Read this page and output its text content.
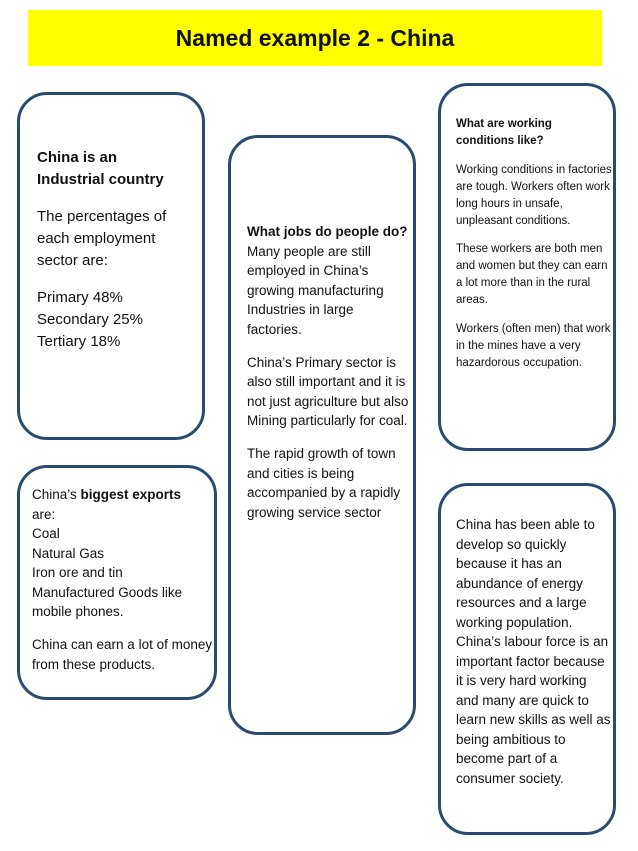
Named example 2 - China

China is an

Industrial country

The percentages of each employment sector are:

Primary 48%

Secondary 25%

Tertiary 18%

China’s biggest exports

are:

Coal

Natural Gas

Iron ore and tin

Manufactured Goods like mobile phones.

China can earn a lot of money from these products.

What jobs do people do?

Many people are still employed in China’s growing manufacturing Industries in large factories.

China’s Primary sector is also still important and it is not just agriculture but also Mining particularly for coal.

The rapid growth of town and cities is being accompanied by a rapidly growing service sector

What are working conditions like?

Working conditions in factories are tough. Workers often work long hours in unsafe, unpleasant conditions.

These workers are both men and women but they can earn a lot more than in the rural areas.

Workers (often men) that work in the mines have a very hazardorous occupation.

China has been able to develop so quickly because it has an abundance of energy resources and a large working population. China’s labour force is an important factor because it is very hard working and many are quick to learn new skills as well as being ambitious to become part of a consumer society.
